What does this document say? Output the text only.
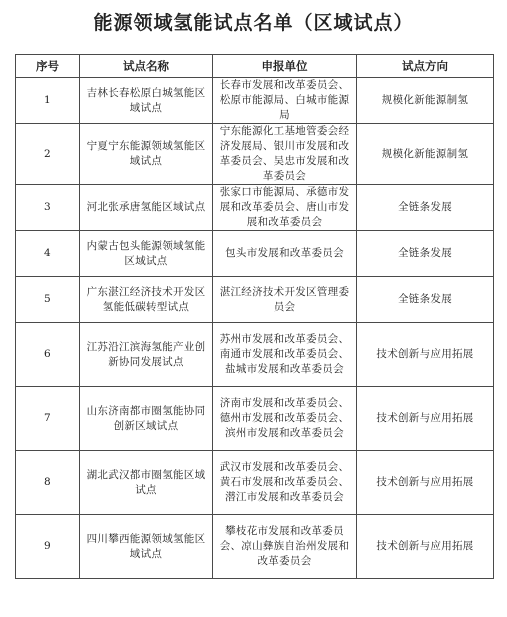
能源领域氢能试点名单（区域试点）
序号	试点名称	申报单位	试点方向
1	吉林长春松原白城氢能区域试点	长春市发展和改革委员会、松原市能源局、白城市能源局	规模化新能源制氢
2	宁夏宁东能源领域氢能区域试点	宁东能源化工基地管委会经济发展局、银川市发展和改革委员会、吴忠市发展和改革委员会	规模化新能源制氢
3	河北张承唐氢能区域试点	张家口市能源局、承德市发展和改革委员会、唐山市发展和改革委员会	全链条发展
4	内蒙古包头能源领域氢能区域试点	包头市发展和改革委员会	全链条发展
5	广东湛江经济技术开发区氢能低碳转型试点	湛江经济技术开发区管理委员会	全链条发展
6	江苏沿江滨海氢能产业创新协同发展试点	苏州市发展和改革委员会、南通市发展和改革委员会、盐城市发展和改革委员会	技术创新与应用拓展
7	山东济南都市圈氢能协同创新区域试点	济南市发展和改革委员会、德州市发展和改革委员会、滨州市发展和改革委员会	技术创新与应用拓展
8	湖北武汉都市圈氢能区域试点	武汉市发展和改革委员会、黄石市发展和改革委员会、潜江市发展和改革委员会	技术创新与应用拓展
9	四川攀西能源领域氢能区域试点	攀枝花市发展和改革委员会、凉山彝族自治州发展和改革委员会	技术创新与应用拓展
